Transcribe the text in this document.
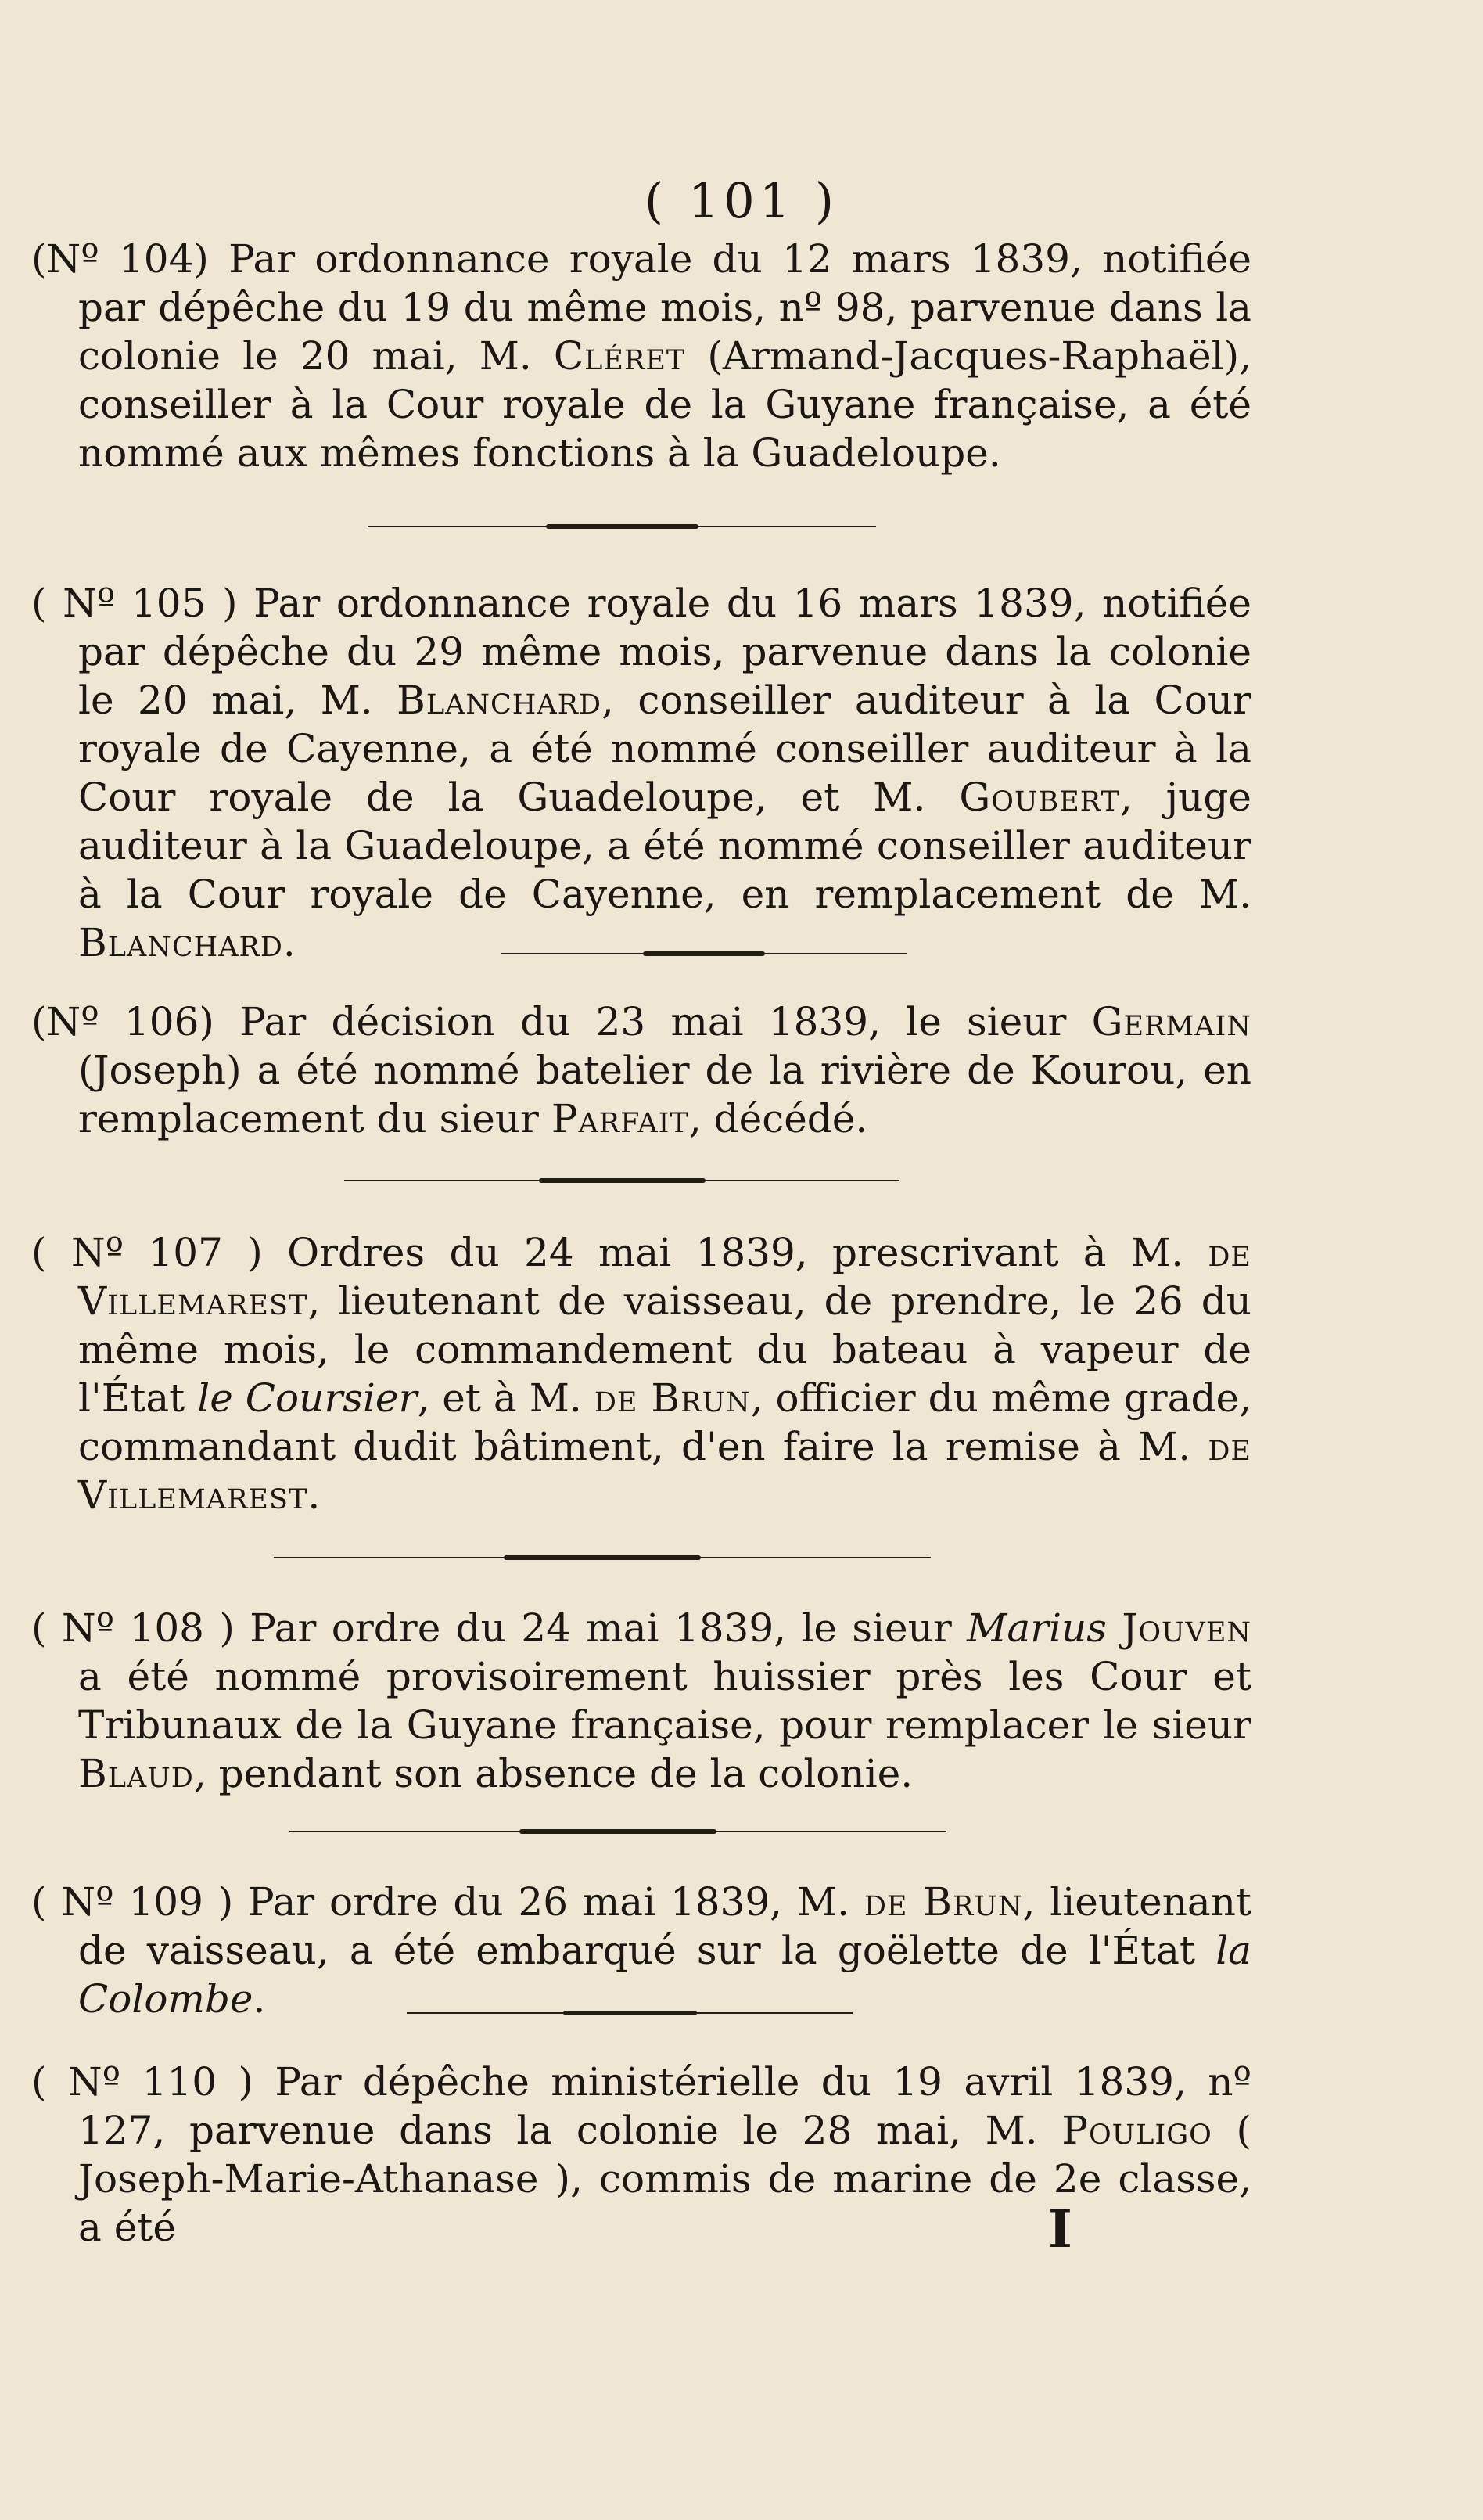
( 101 )

(Nº 104) Par ordonnance royale du 12 mars 1839, notifiée par dépêche du 19 du même mois, nº 98, parvenue dans la colonie le 20 mai, M. Cléret (Armand-Jacques-Raphaël), conseiller à la Cour royale de la Guyane française, a été nommé aux mêmes fonctions à la Guadeloupe.

( Nº 105 ) Par ordonnance royale du 16 mars 1839, notifiée par dépêche du 29 même mois, parvenue dans la colonie le 20 mai, M. Blanchard, conseiller auditeur à la Cour royale de Cayenne, a été nommé conseiller auditeur à la Cour royale de la Guadeloupe, et M. Goubert, juge auditeur à la Guadeloupe, a été nommé conseiller auditeur à la Cour royale de Cayenne, en remplacement de M. Blanchard.

(Nº 106) Par décision du 23 mai 1839, le sieur Germain (Joseph) a été nommé batelier de la rivière de Kourou, en remplacement du sieur Parfait, décédé.

( Nº 107 ) Ordres du 24 mai 1839, prescrivant à M. de Villemarest, lieutenant de vaisseau, de prendre, le 26 du même mois, le commandement du bateau à vapeur de l'État le Coursier, et à M. de Brun, officier du même grade, commandant dudit bâtiment, d'en faire la remise à M. de Villemarest.

( Nº 108 ) Par ordre du 24 mai 1839, le sieur Marius Jouven a été nommé provisoirement huissier près les Cour et Tribunaux de la Guyane française, pour remplacer le sieur Blaud, pendant son absence de la colonie.

( Nº 109 ) Par ordre du 26 mai 1839, M. de Brun, lieutenant de vaisseau, a été embarqué sur la goëlette de l'État la Colombe.

( Nº 110 ) Par dépêche ministérielle du 19 avril 1839, nº 127, parvenue dans la colonie le 28 mai, M. Pouligo ( Joseph-Marie-Athanase ), commis de marine de 2e classe, a été	I
